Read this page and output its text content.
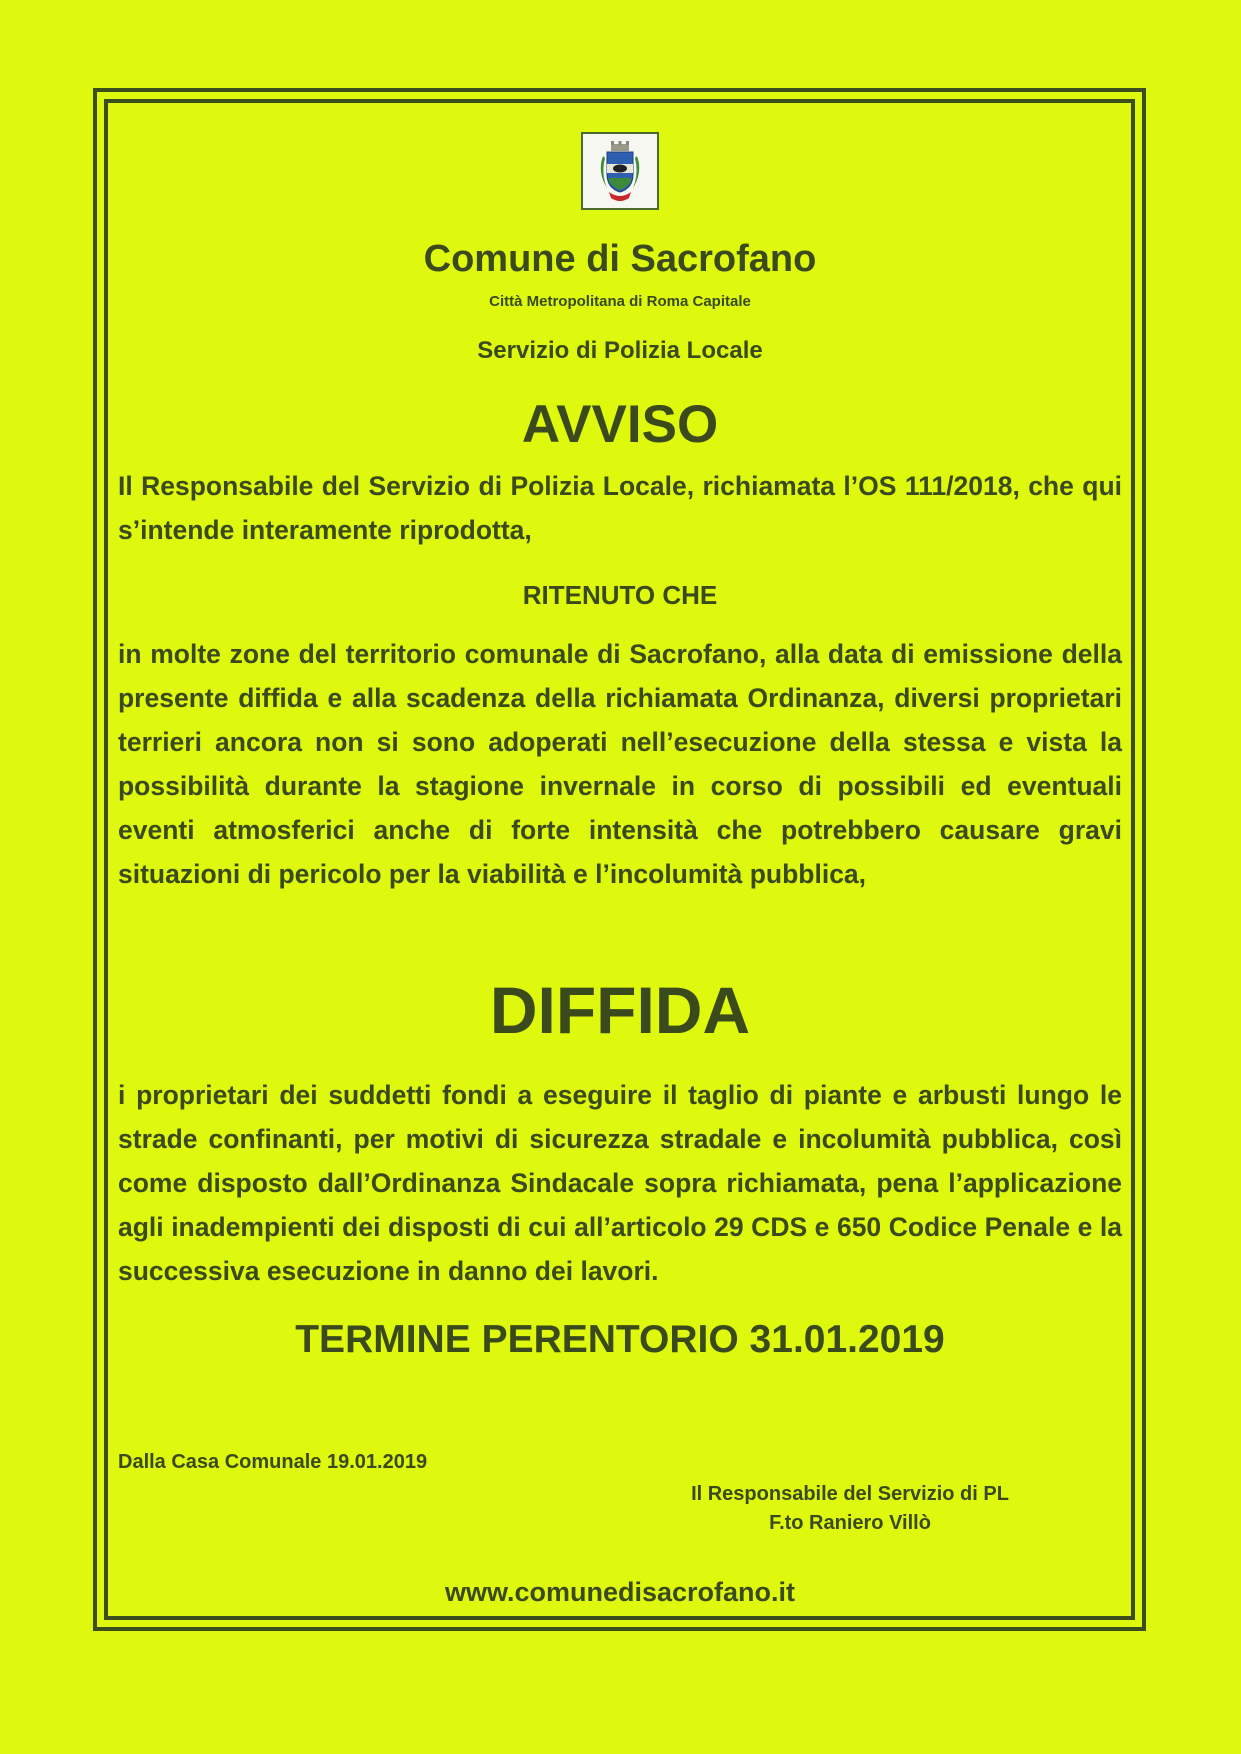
Comune di Sacrofano

Città Metropolitana di Roma Capitale

Servizio di Polizia Locale

AVVISO

Il Responsabile del Servizio di Polizia Locale, richiamata l’OS 111/2018, che qui s’intende interamente riprodotta,

RITENUTO CHE

in molte zone del territorio comunale di Sacrofano, alla data di emissione della presente diffida e alla scadenza della richiamata Ordinanza, diversi proprietari terrieri ancora non si sono adoperati nell’esecuzione della stessa e vista la possibilità durante la stagione invernale in corso di possibili ed eventuali eventi atmosferici anche di forte intensità che potrebbero causare gravi situazioni di pericolo per la viabilità e l’incolumità pubblica,

DIFFIDA

i proprietari dei suddetti fondi a eseguire il taglio di piante e arbusti lungo le strade confinanti, per motivi di sicurezza stradale e incolumità pubblica, così come disposto dall’Ordinanza Sindacale sopra richiamata, pena l’applicazione agli inadempienti dei disposti di cui all’articolo 29 CDS e 650 Codice Penale e la successiva esecuzione in danno dei lavori.

TERMINE PERENTORIO 31.01.2019

Dalla Casa Comunale 19.01.2019

Il Responsabile del Servizio di PL
F.to Raniero Villò

www.comunedisacrofano.it
